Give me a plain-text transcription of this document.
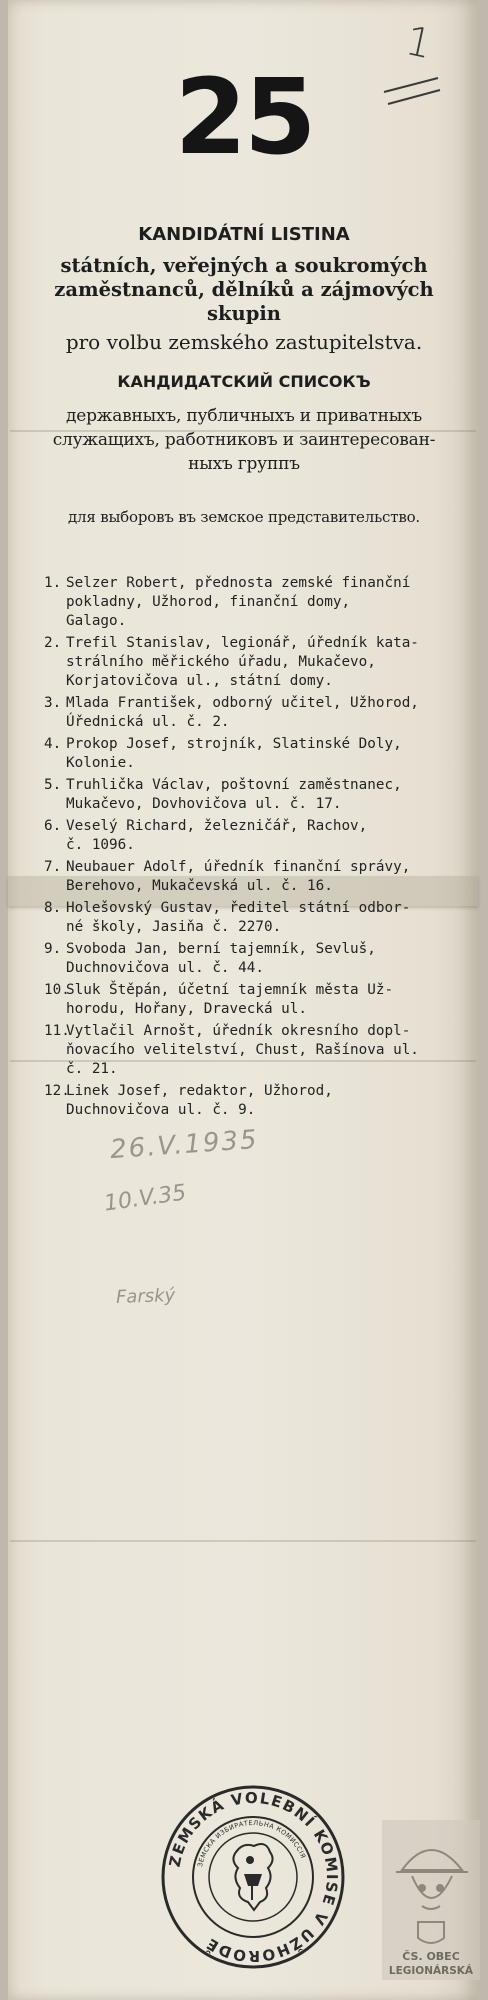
1
25
KANDIDÁTNÍ LISTINA
státních, veřejných a soukromých
zaměstnanců, dělníků a zájmových
skupin
pro volbu zemského zastupitelstva.
КАНДИДАТСКИЙ СПИСОКЪ
державныхъ, публичныхъ и приватныхъ
служащихъ, работниковъ и заинтересован-
ныхъ группъ
для выборовъ въ земское представительство.
1. Selzer Robert, přednosta zemské finanční
pokladny, Užhorod, finanční domy,
Galago.
2. Trefil Stanislav, legionář, úředník kata-
strálního měřického úřadu, Mukačevo,
Korjatovičova ul., státní domy.
3. Mlada František, odborný učitel, Užhorod,
Úřednická ul. č. 2.
4. Prokop Josef, strojník, Slatinské Doly,
Kolonie.
5. Truhlička Václav, poštovní zaměstnanec,
Mukačevo, Dovhovičova ul. č. 17.
6. Veselý Richard, železničář, Rachov,
č. 1096.
7. Neubauer Adolf, úředník finanční správy,
Berehovo, Mukačevská ul. č. 16.
8. Holešovský Gustav, ředitel státní odbor-
né školy, Jasiňa č. 2270.
9. Svoboda Jan, berní tajemník, Sevluš,
Duchnovičova ul. č. 44.
10.
Sluk Štěpán, účetní tajemník města Už-
horodu, Hořany, Dravecká ul.
11.
Vytlačil Arnošt, úředník okresního dopl-
ňovacího velitelství, Chust, Rašínova ul.
č. 21.
12.
Linek Josef, redaktor, Užhorod,
Duchnovičova ul. č. 9.
26.V.1935
10.V.35
Farský
ZEMSKÁ VOLEBNÍ KOMISE V UŽHORODĚ
ЗЕМСКА ИЗБИРАТЕЛЬНА КОМИССІЯ
ČS. OBEC
LEGIONÁRSKÁ
